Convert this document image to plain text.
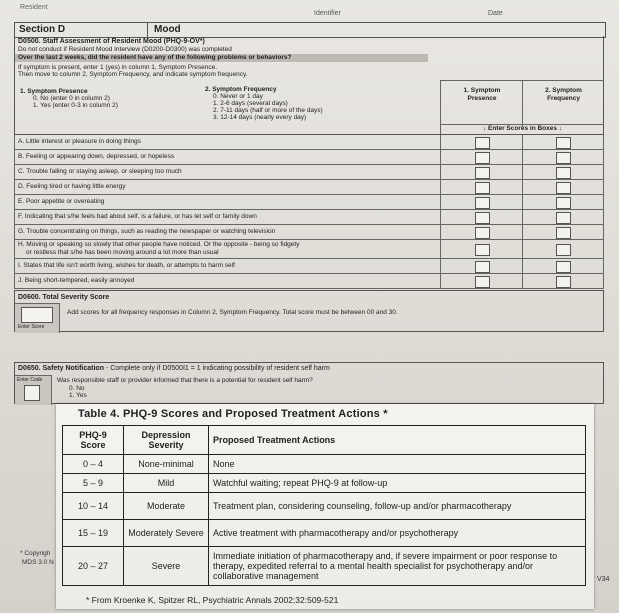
Resident
Identifier	Date
Section D	Mood
D0500. Staff Assessment of Resident Mood (PHQ-9-OV*)
Do not conduct if Resident Mood Interview (D0200-D0300) was completed
Over the last 2 weeks, did the resident have any of the following problems or behaviors?
If symptom is present, enter 1 (yes) in column 1, Symptom Presence.
Then move to column 2, Symptom Frequency, and indicate symptom frequency.
1. Symptom Presence
0. No (enter 0 in column 2)
1. Yes (enter 0-3 in column 2)
2. Symptom Frequency
0. Never or 1 day
1. 2-6 days (several days)
2. 7-11 days (half or more of the days)
3. 12-14 days (nearly every day)
1. Symptom Presence
2. Symptom Frequency
↓ Enter Scores in Boxes ↓
A. Little interest or pleasure in doing things
B. Feeling or appearing down, depressed, or hopeless
C. Trouble falling or staying asleep, or sleeping too much
D. Feeling tired or having little energy
E. Poor appetite or overeating
F. Indicating that s/he feels bad about self, is a failure, or has let self or family down
G. Trouble concentrating on things, such as reading the newspaper or watching television
H. Moving or speaking so slowly that other people have noticed. Or the opposite - being so fidgety
or restless that s/he has been moving around a lot more than usual
I. States that life isn't worth living, wishes for death, or attempts to harm self
J. Being short-tempered, easily annoyed
D0600. Total Severity Score
Enter Score
Add scores for all frequency responses in Column 2, Symptom Frequency. Total score must be between 00 and 30.
D0650. Safety Notification - Complete only if D0500I1 = 1 indicating possibility of resident self harm
Enter Code Was responsible staff or provider informed that there is a potential for resident self harm?
0. No
1. Yes
* Copyrigh
MDS 3.0 N
V34
Table 4. PHQ-9 Scores and Proposed Treatment Actions *
PHQ-9 Score	Depression Severity	Proposed Treatment Actions
0 – 4	None-minimal	None
5 – 9	Mild	Watchful waiting; repeat PHQ-9 at follow-up
10 – 14	Moderate	Treatment plan, considering counseling, follow-up and/or pharmacotherapy
15 – 19	Moderately Severe	Active treatment with pharmacotherapy and/or psychotherapy
20 – 27	Severe	Immediate initiation of pharmacotherapy and, if severe impairment or poor response to therapy, expedited referral to a mental health specialist for psychotherapy and/or collaborative management
* From Kroenke K, Spitzer RL, Psychiatric Annals 2002;32:509-521
